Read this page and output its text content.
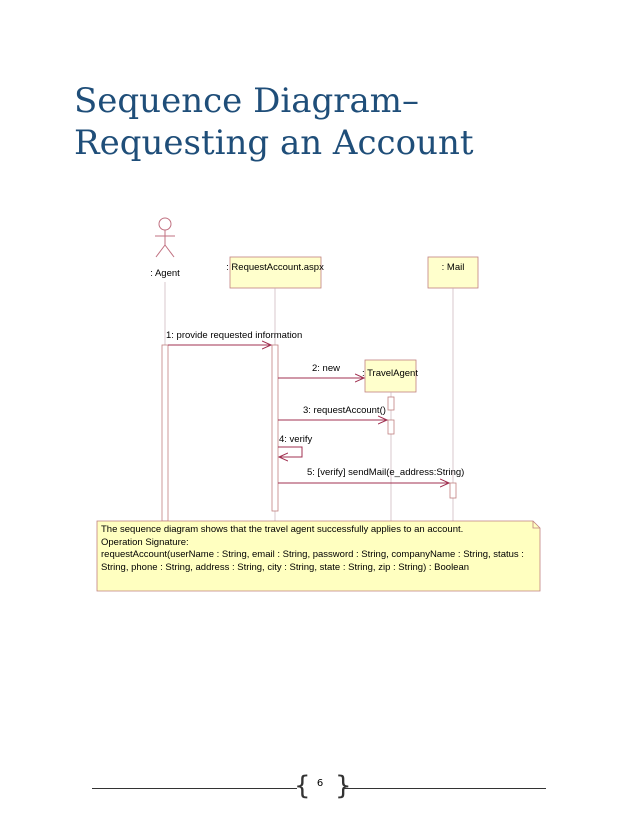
Sequence Diagram–
Requesting an Account
: Agent
: RequestAccount.aspx	: Mail
: TravelAgent
1: provide requested information
2: new
3: requestAccount()
4: verify
5: [verify] sendMail(e_address:String)
The sequence diagram shows that the travel agent successfully applies to an account.
Operation Signature:
requestAccount(userName : String, email : String, password : String, companyName : String, status : String, phone : String, address : String, city : String, state : String, zip : String) : Boolean
{ }
6
